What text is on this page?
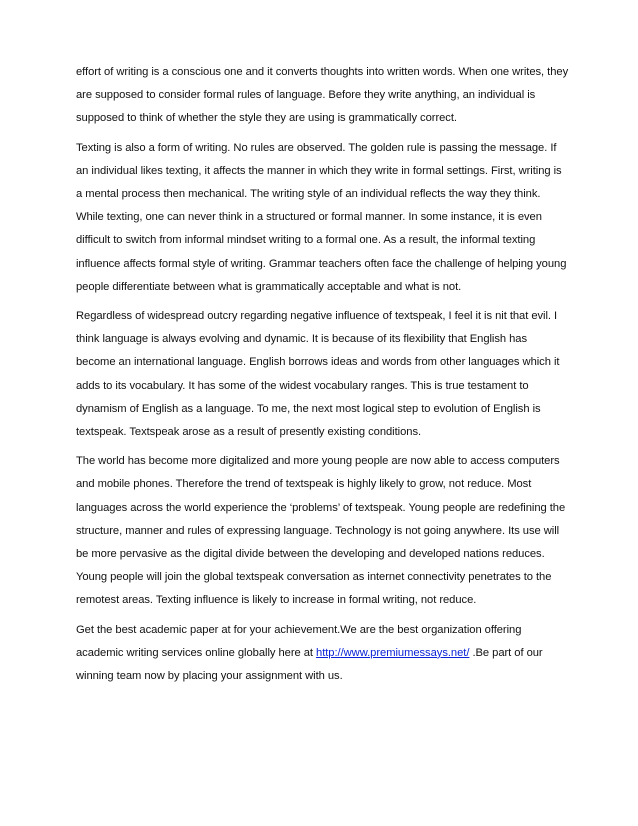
effort of writing is a conscious one and it converts thoughts into written words. When one writes, they
are supposed to consider formal rules of language. Before they write anything, an individual is
supposed to think of whether the style they are using is grammatically correct.

Texting is also a form of writing. No rules are observed. The golden rule is passing the message. If
an individual likes texting, it affects the manner in which they write in formal settings. First, writing is
a mental process then mechanical. The writing style of an individual reflects the way they think.
While texting, one can never think in a structured or formal manner. In some instance, it is even
difficult to switch from informal mindset writing to a formal one. As a result, the informal texting
influence affects formal style of writing. Grammar teachers often face the challenge of helping young
people differentiate between what is grammatically acceptable and what is not.

Regardless of widespread outcry regarding negative influence of textspeak, I feel it is nit that evil. I
think language is always evolving and dynamic. It is because of its flexibility that English has
become an international language. English borrows ideas and words from other languages which it
adds to its vocabulary. It has some of the widest vocabulary ranges. This is true testament to
dynamism of English as a language. To me, the next most logical step to evolution of English is
textspeak. Textspeak arose as a result of presently existing conditions.

The world has become more digitalized and more young people are now able to access computers
and mobile phones. Therefore the trend of textspeak is highly likely to grow, not reduce. Most
languages across the world experience the ‘problems’ of textspeak. Young people are redefining the
structure, manner and rules of expressing language. Technology is not going anywhere. Its use will
be more pervasive as the digital divide between the developing and developed nations reduces.
Young people will join the global textspeak conversation as internet connectivity penetrates to the
remotest areas. Texting influence is likely to increase in formal writing, not reduce.

Get the best academic paper at for your achievement.We are the best organization offering
academic writing services online globally here at http://www.premiumessays.net/ .Be part of our
winning team now by placing your assignment with us.
